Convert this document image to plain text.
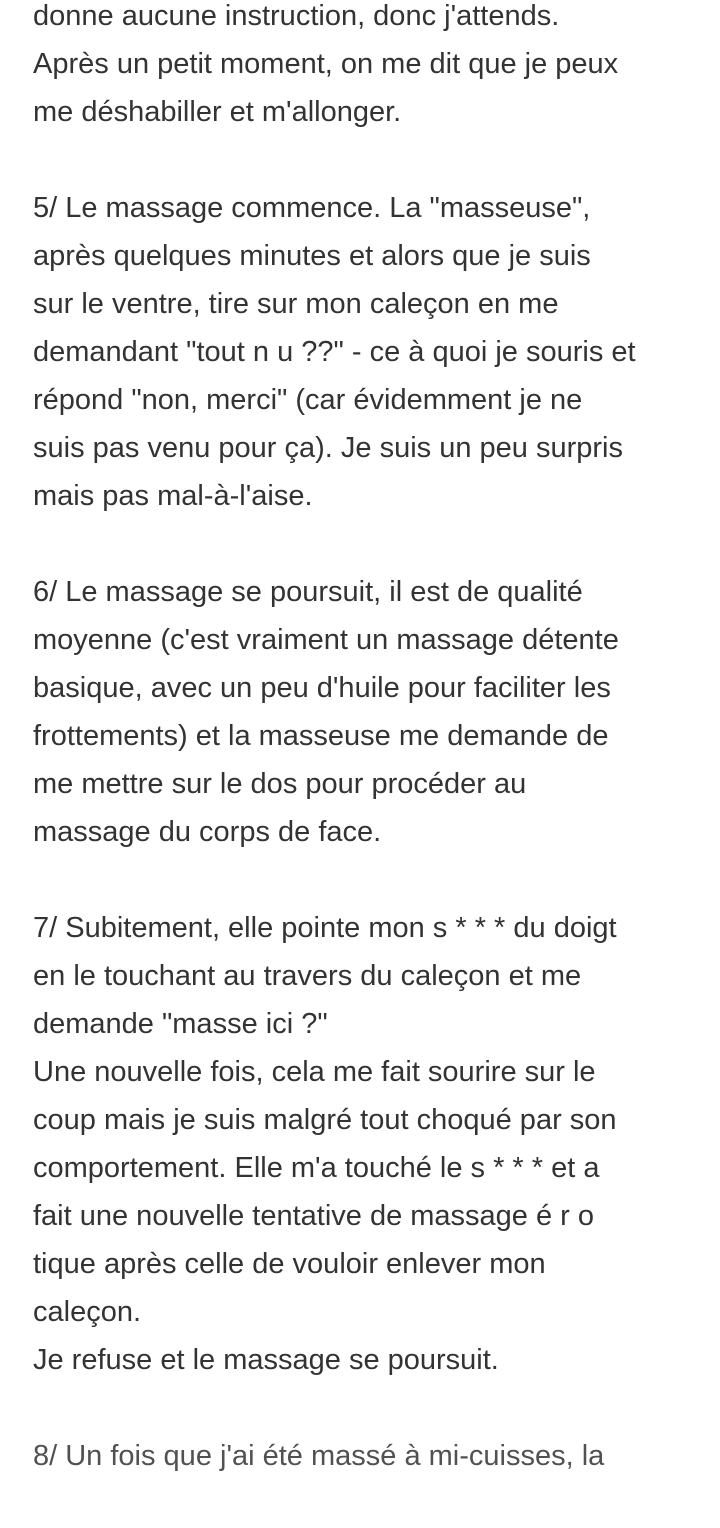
donne aucune instruction, donc j'attends.
Après un petit moment, on me dit que je peux
me déshabiller et m'allonger.

5/ Le massage commence. La "masseuse",
après quelques minutes et alors que je suis
sur le ventre, tire sur mon caleçon en me
demandant "tout n u ??" - ce à quoi je souris et
répond "non, merci" (car évidemment je ne
suis pas venu pour ça). Je suis un peu surpris
mais pas mal-à-l'aise.

6/ Le massage se poursuit, il est de qualité
moyenne (c'est vraiment un massage détente
basique, avec un peu d'huile pour faciliter les
frottements) et la masseuse me demande de
me mettre sur le dos pour procéder au
massage du corps de face.

7/ Subitement, elle pointe mon s * * * du doigt
en le touchant au travers du caleçon et me
demande "masse ici ?"
Une nouvelle fois, cela me fait sourire sur le
coup mais je suis malgré tout choqué par son
comportement. Elle m'a touché le s * * * et a
fait une nouvelle tentative de massage é r o
tique après celle de vouloir enlever mon
caleçon.
Je refuse et le massage se poursuit.

8/ Un fois que j'ai été massé à mi-cuisses, la
